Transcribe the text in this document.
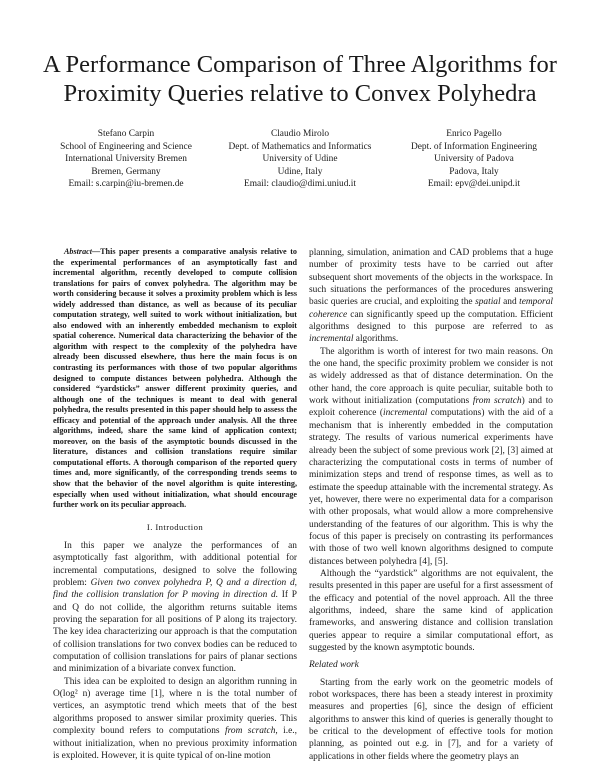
A Performance Comparison of Three Algorithms for Proximity Queries relative to Convex Polyhedra
Stefano Carpin
School of Engineering and Science
International University Bremen
Bremen, Germany
Email: s.carpin@iu-bremen.de
Claudio Mirolo
Dept. of Mathematics and Informatics
University of Udine
Udine, Italy
Email: claudio@dimi.uniud.it
Enrico Pagello
Dept. of Information Engineering
University of Padova
Padova, Italy
Email: epv@dei.unipd.it

Abstract—This paper presents a comparative analysis relative to the experimental performances of an asymptotically fast and incremental algorithm, recently developed to compute collision translations for pairs of convex polyhedra. The algorithm may be worth considering because it solves a proximity problem which is less widely addressed than distance, as well as because of its peculiar computation strategy, well suited to work without initialization, but also endowed with an inherently embedded mechanism to exploit spatial coherence. Numerical data characterizing the behavior of the algorithm with respect to the complexity of the polyhedra have already been discussed elsewhere, thus here the main focus is on contrasting its performances with those of two popular algorithms designed to compute distances between polyhedra. Although the considered “yardsticks” answer different proximity queries, and although one of the techniques is meant to deal with general polyhedra, the results presented in this paper should help to assess the efficacy and potential of the approach under analysis. All the three algorithms, indeed, share the same kind of application context; moreover, on the basis of the asymptotic bounds discussed in the literature, distances and collision translations require similar computational efforts. A thorough comparison of the reported query times and, more significantly, of the corresponding trends seems to show that the behavior of the novel algorithm is quite interesting, especially when used without initialization, what should encourage further work on its peculiar approach.

I. Introduction

In this paper we analyze the performances of an asymptotically fast algorithm, with additional potential for incremental computations, designed to solve the following problem: Given two convex polyhedra P, Q and a direction d, find the collision translation for P moving in direction d. If P and Q do not collide, the algorithm returns suitable items proving the separation for all positions of P along its trajectory. The key idea characterizing our approach is that the computation of collision translations for two convex bodies can be reduced to computation of collision translations for pairs of planar sections and minimization of a bivariate convex function.

This idea can be exploited to design an algorithm running in O(log² n) average time [1], where n is the total number of vertices, an asymptotic trend which meets that of the best algorithms proposed to answer similar proximity queries. This complexity bound refers to computations from scratch, i.e., without initialization, when no previous proximity information is exploited. However, it is quite typical of on-line motion

planning, simulation, animation and CAD problems that a huge number of proximity tests have to be carried out after subsequent short movements of the objects in the workspace. In such situations the performances of the procedures answering basic queries are crucial, and exploiting the spatial and temporal coherence can significantly speed up the computation. Efficient algorithms designed to this purpose are referred to as incremental algorithms.

The algorithm is worth of interest for two main reasons. On the one hand, the specific proximity problem we consider is not as widely addressed as that of distance determination. On the other hand, the core approach is quite peculiar, suitable both to work without initialization (computations from scratch) and to exploit coherence (incremental computations) with the aid of a mechanism that is inherently embedded in the computation strategy. The results of various numerical experiments have already been the subject of some previous work [2], [3] aimed at characterizing the computational costs in terms of number of minimization steps and trend of response times, as well as to estimate the speedup attainable with the incremental strategy. As yet, however, there were no experimental data for a comparison with other proposals, what would allow a more comprehensive understanding of the features of our algorithm. This is why the focus of this paper is precisely on contrasting its performances with those of two well known algorithms designed to compute distances between polyhedra [4], [5].

Although the “yardstick” algorithms are not equivalent, the results presented in this paper are useful for a first assessment of the efficacy and potential of the novel approach. All the three algorithms, indeed, share the same kind of application frameworks, and answering distance and collision translation queries appear to require a similar computational effort, as suggested by the known asymptotic bounds.

Related work

Starting from the early work on the geometric models of robot workspaces, there has been a steady interest in proximity measures and properties [6], since the design of efficient algorithms to answer this kind of queries is generally thought to be critical to the development of effective tools for motion planning, as pointed out e.g. in [7], and for a variety of applications in other fields where the geometry plays an
